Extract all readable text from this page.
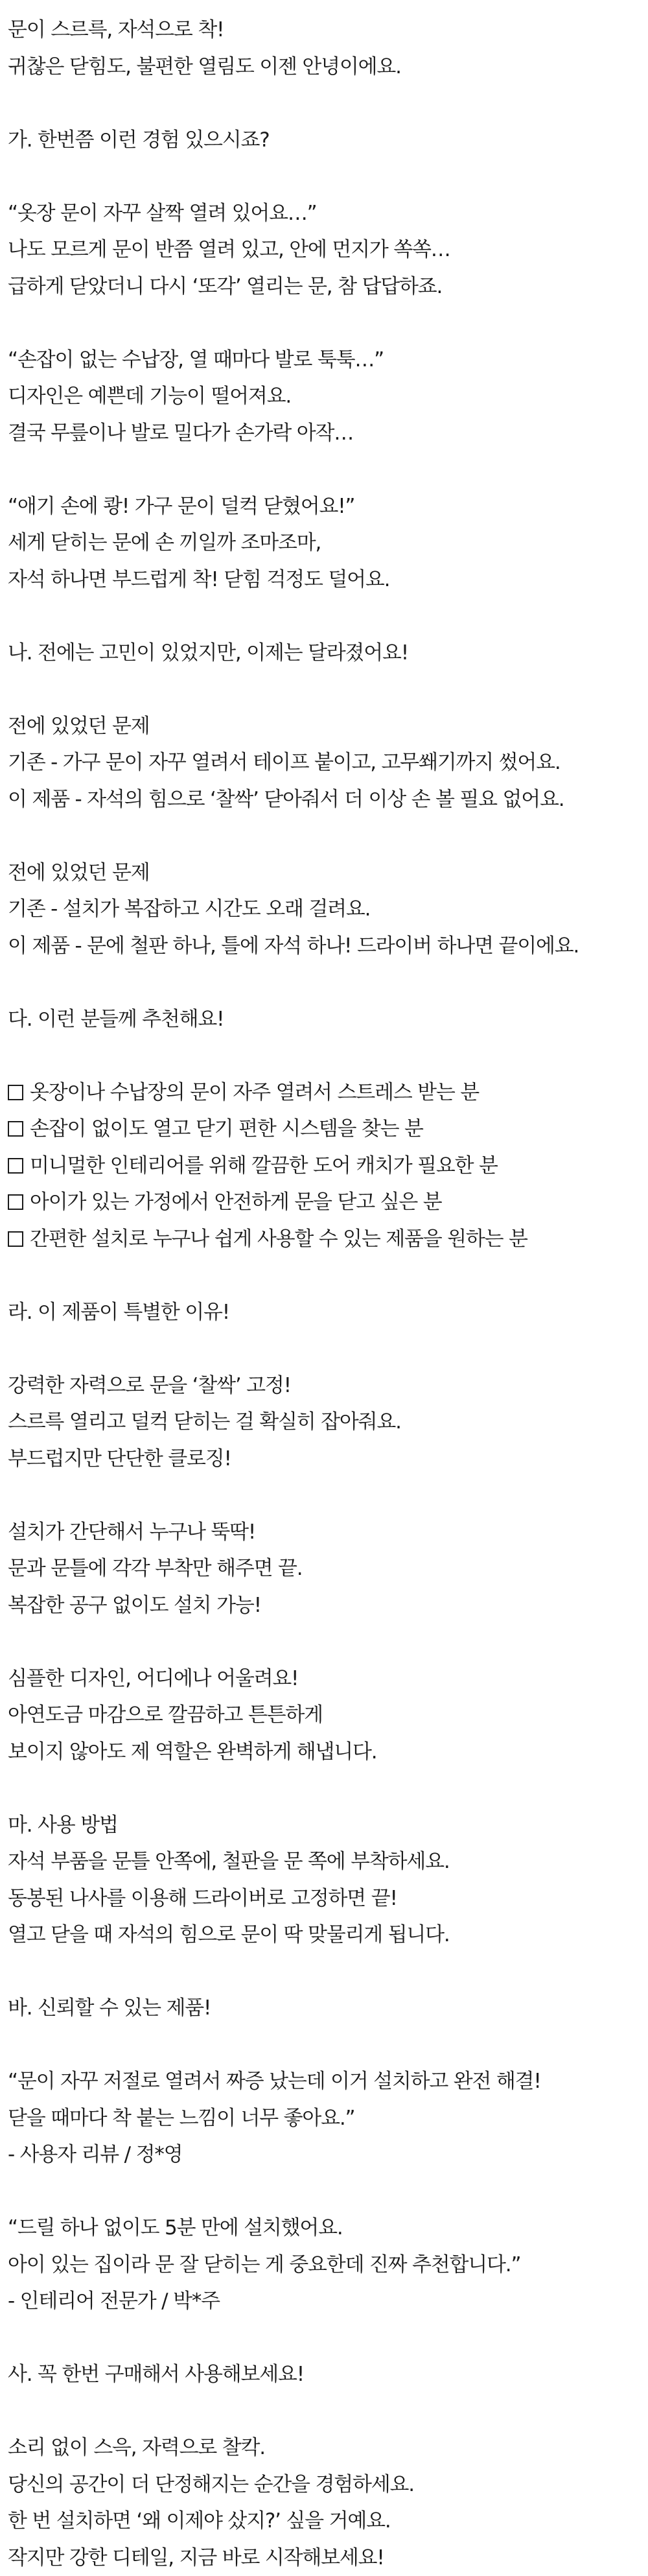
문이 스르륵, 자석으로 착!
귀찮은 닫힘도, 불편한 열림도 이젠 안녕이에요.
가. 한번쯤 이런 경험 있으시죠?
“옷장 문이 자꾸 살짝 열려 있어요…”
나도 모르게 문이 반쯤 열려 있고, 안에 먼지가 쏙쏙…
급하게 닫았더니 다시 ‘또각’ 열리는 문, 참 답답하죠.
“손잡이 없는 수납장, 열 때마다 발로 툭툭…”
디자인은 예쁜데 기능이 떨어져요.
결국 무릎이나 발로 밀다가 손가락 아작…
“애기 손에 쾅! 가구 문이 덜컥 닫혔어요!”
세게 닫히는 문에 손 끼일까 조마조마,
자석 하나면 부드럽게 착! 닫힘 걱정도 덜어요.
나. 전에는 고민이 있었지만, 이제는 달라졌어요!
전에 있었던 문제
기존 - 가구 문이 자꾸 열려서 테이프 붙이고, 고무쐐기까지 썼어요.
이 제품 - 자석의 힘으로 ‘찰싹’ 닫아줘서 더 이상 손 볼 필요 없어요.
전에 있었던 문제
기존 - 설치가 복잡하고 시간도 오래 걸려요.
이 제품 - 문에 철판 하나, 틀에 자석 하나! 드라이버 하나면 끝이에요.
다. 이런 분들께 추천해요!
옷장이나 수납장의 문이 자주 열려서 스트레스 받는 분
손잡이 없이도 열고 닫기 편한 시스템을 찾는 분
미니멀한 인테리어를 위해 깔끔한 도어 캐치가 필요한 분
아이가 있는 가정에서 안전하게 문을 닫고 싶은 분
간편한 설치로 누구나 쉽게 사용할 수 있는 제품을 원하는 분
라. 이 제품이 특별한 이유!
강력한 자력으로 문을 ‘찰싹’ 고정!
스르륵 열리고 덜컥 닫히는 걸 확실히 잡아줘요.
부드럽지만 단단한 클로징!
설치가 간단해서 누구나 뚝딱!
문과 문틀에 각각 부착만 해주면 끝.
복잡한 공구 없이도 설치 가능!
심플한 디자인, 어디에나 어울려요!
아연도금 마감으로 깔끔하고 튼튼하게
보이지 않아도 제 역할은 완벽하게 해냅니다.
마. 사용 방법
자석 부품을 문틀 안쪽에, 철판을 문 쪽에 부착하세요.
동봉된 나사를 이용해 드라이버로 고정하면 끝!
열고 닫을 때 자석의 힘으로 문이 딱 맞물리게 됩니다.
바. 신뢰할 수 있는 제품!
“문이 자꾸 저절로 열려서 짜증 났는데 이거 설치하고 완전 해결!
닫을 때마다 착 붙는 느낌이 너무 좋아요.”
- 사용자 리뷰 / 정*영
“드릴 하나 없이도 5분 만에 설치했어요.
아이 있는 집이라 문 잘 닫히는 게 중요한데 진짜 추천합니다.”
- 인테리어 전문가 / 박*주
사. 꼭 한번 구매해서 사용해보세요!
소리 없이 스윽, 자력으로 찰칵.
당신의 공간이 더 단정해지는 순간을 경험하세요.
한 번 설치하면 ‘왜 이제야 샀지?’ 싶을 거예요.
작지만 강한 디테일, 지금 바로 시작해보세요!
